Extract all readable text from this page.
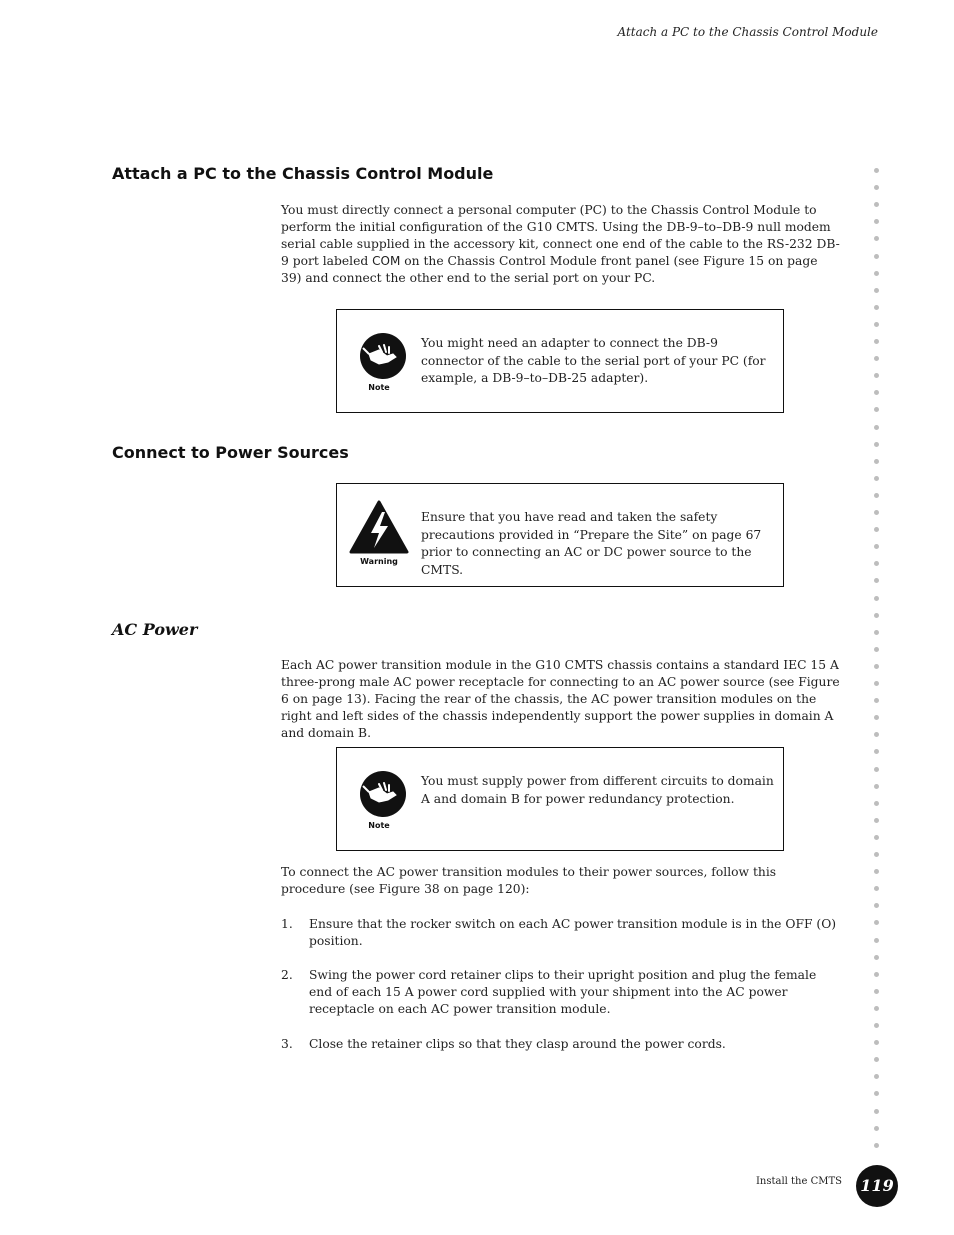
Attach a PC to the Chassis Control Module
Attach a PC to the Chassis Control Module

You must directly connect a personal computer (PC) to the Chassis Control Module to perform the initial configuration of the G10 CMTS. Using the DB-9–to–DB-9 null modem serial cable supplied in the accessory kit, connect one end of the cable to the RS-232 DB-9 port labeled COM on the Chassis Control Module front panel (see Figure 15 on page 39) and connect the other end to the serial port on your PC.

Note

You might need an adapter to connect the DB-9 connector of the cable to the serial port of your PC (for example, a DB-9–to–DB-25 adapter).

Connect to Power Sources
Warning

Ensure that you have read and taken the safety precautions provided in “Prepare the Site” on page 67 prior to connecting an AC or DC power source to the CMTS.

AC Power

Each AC power transition module in the G10 CMTS chassis contains a standard IEC 15 A three-prong male AC power receptacle for connecting to an AC power source (see Figure 6 on page 13). Facing the rear of the chassis, the AC power transition modules on the right and left sides of the chassis independently support the power supplies in domain A and domain B.

Note

You must supply power from different circuits to domain A and domain B for power redundancy protection.

To connect the AC power transition modules to their power sources, follow this procedure (see Figure 38 on page 120):

1. Ensure that the rocker switch on each AC power transition module is in the OFF (O) position.
2. Swing the power cord retainer clips to their upright position and plug the female end of each 15 A power cord supplied with your shipment into the AC power receptacle on each AC power transition module.
3. Close the retainer clips so that they clasp around the power cords.
Install the CMTS 119
